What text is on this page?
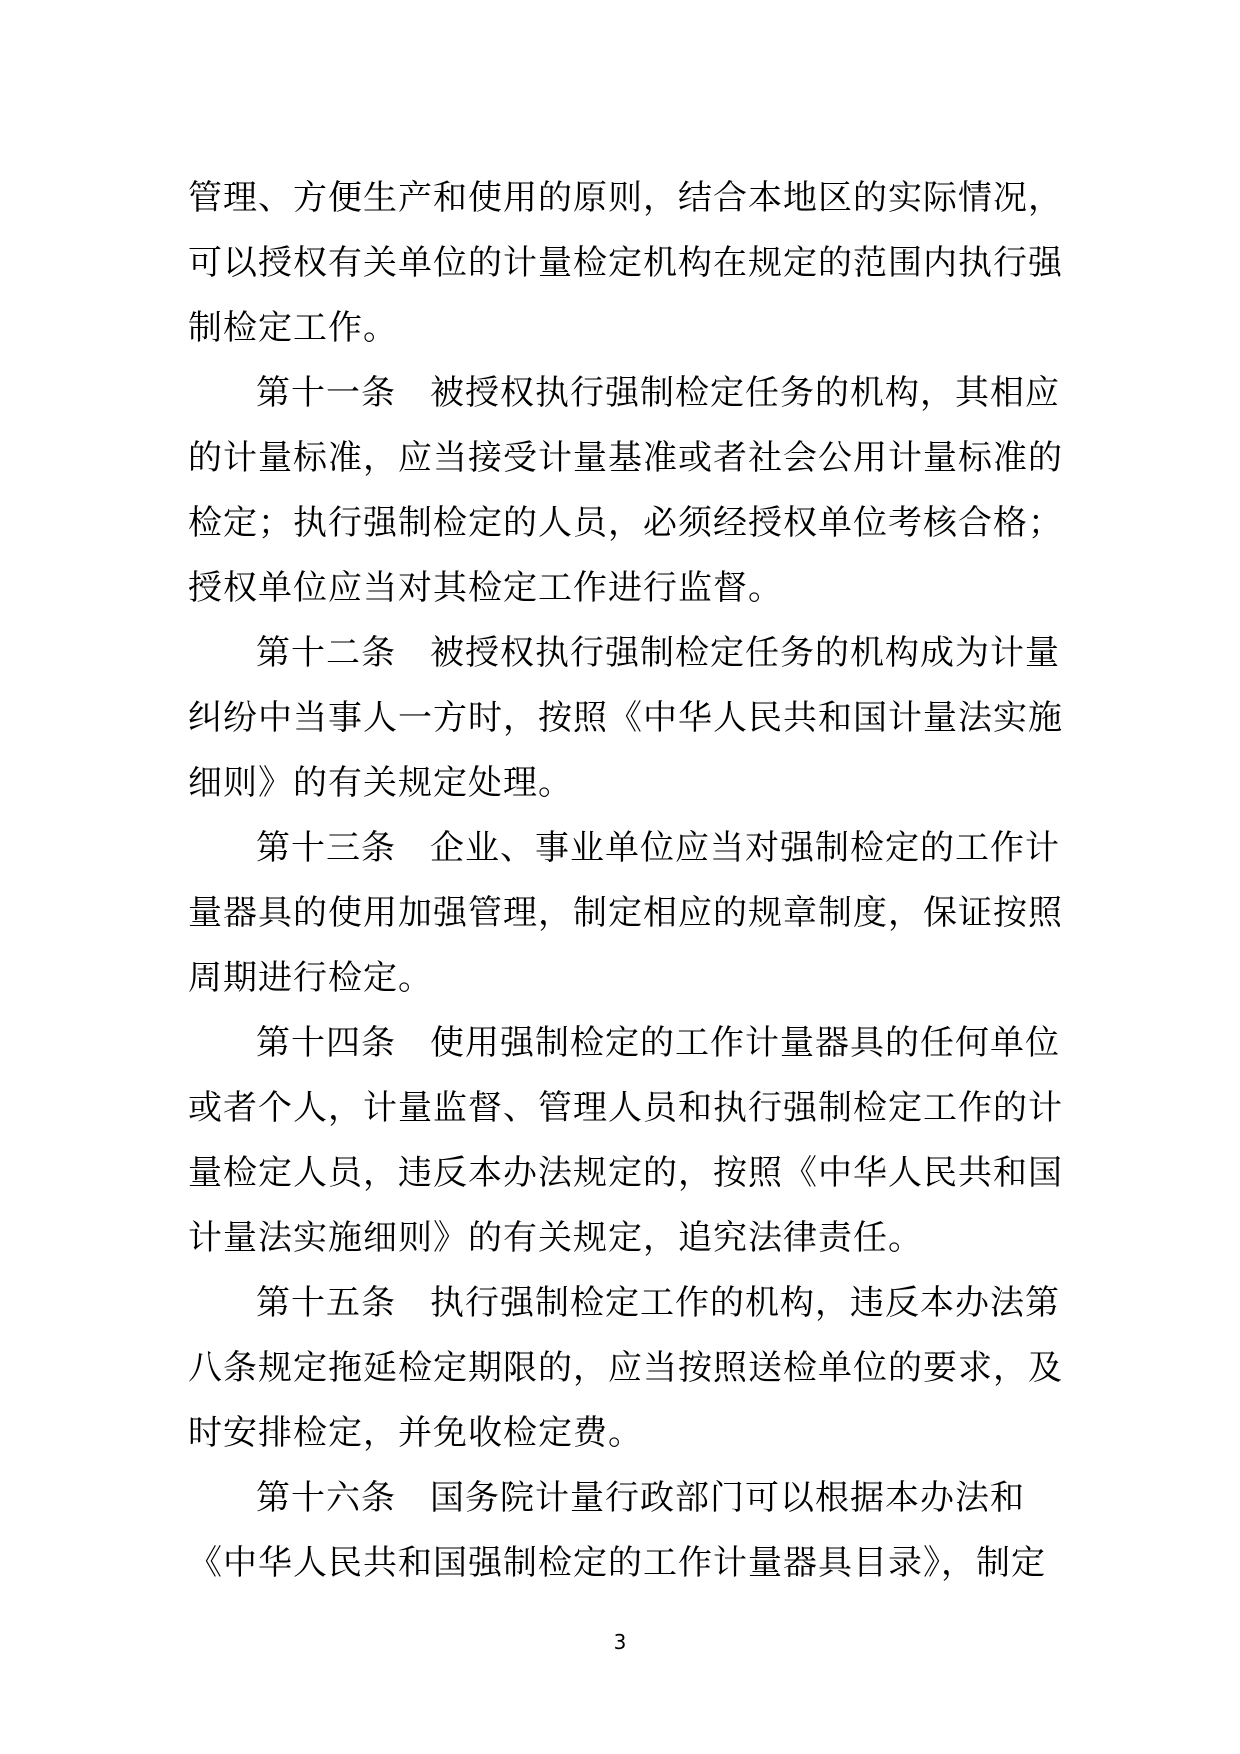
管理、方便生产和使用的原则，结合本地区的实际情况，
可以授权有关单位的计量检定机构在规定的范围内执行强
制检定工作。

第十一条 被授权执行强制检定任务的机构，其相应
的计量标准，应当接受计量基准或者社会公用计量标准的
检定；执行强制检定的人员，必须经授权单位考核合格；
授权单位应当对其检定工作进行监督。

第十二条 被授权执行强制检定任务的机构成为计量
纠纷中当事人一方时，按照《中华人民共和国计量法实施
细则》的有关规定处理。

第十三条 企业、事业单位应当对强制检定的工作计
量器具的使用加强管理，制定相应的规章制度，保证按照
周期进行检定。

第十四条 使用强制检定的工作计量器具的任何单位
或者个人，计量监督、管理人员和执行强制检定工作的计
量检定人员，违反本办法规定的，按照《中华人民共和国
计量法实施细则》的有关规定，追究法律责任。

第十五条 执行强制检定工作的机构，违反本办法第
八条规定拖延检定期限的，应当按照送检单位的要求，及
时安排检定，并免收检定费。

第十六条 国务院计量行政部门可以根据本办法和
《中华人民共和国强制检定的工作计量器具目录》，制定

3
